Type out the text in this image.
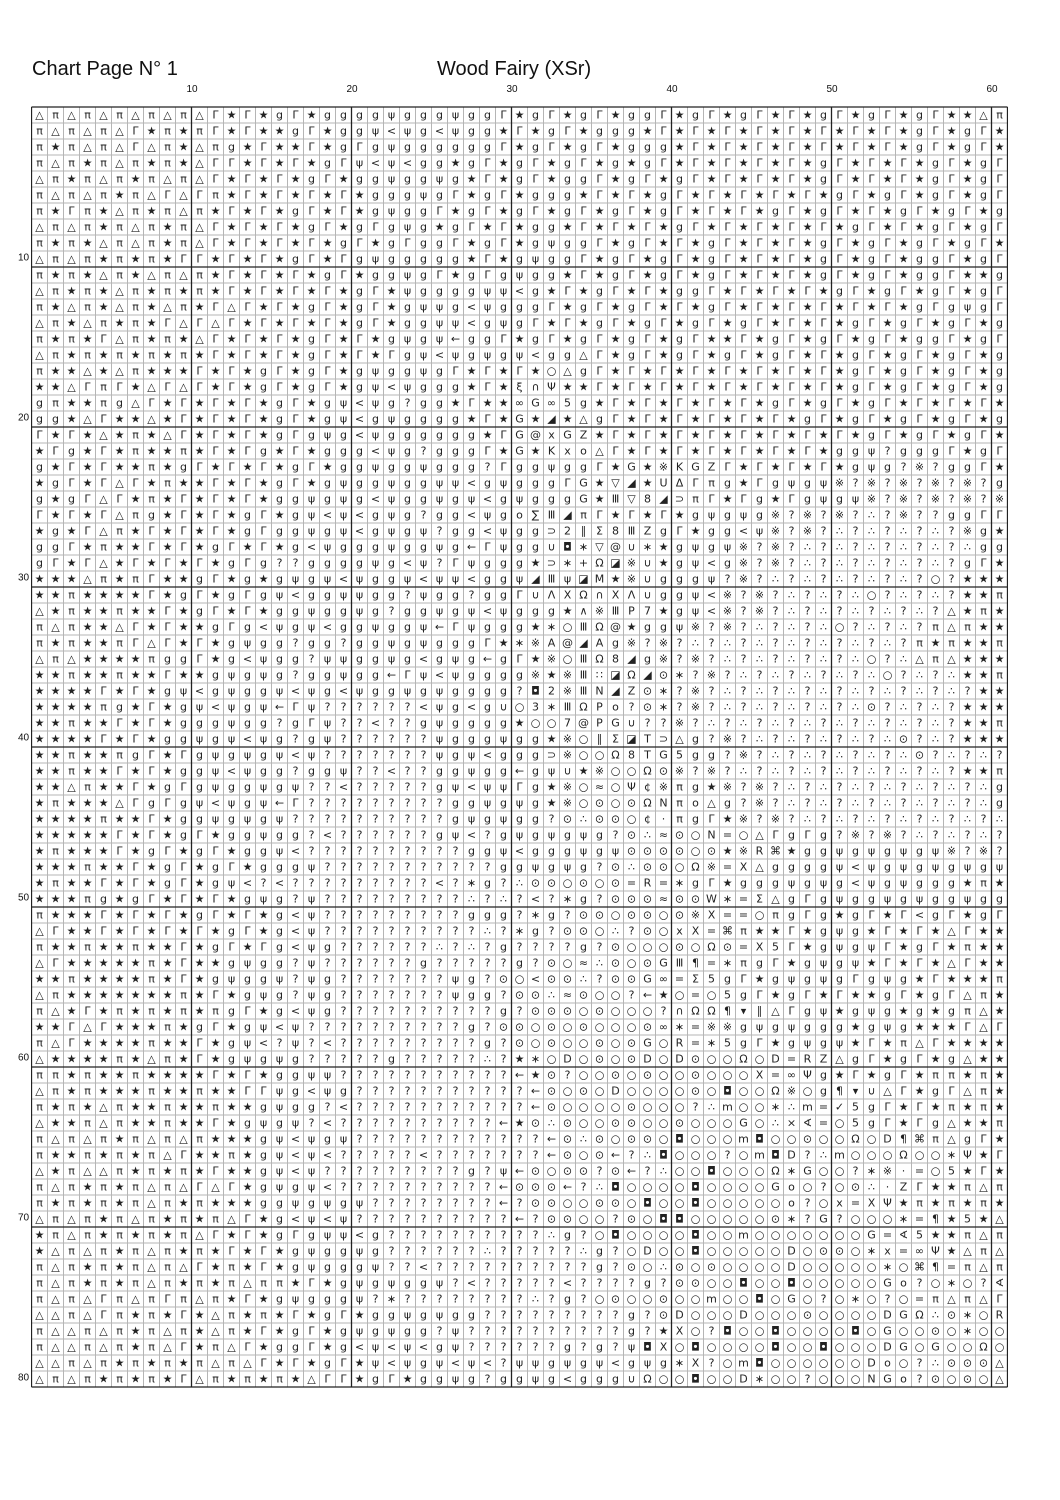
Chart Page N° 1	Wood Fairy (XSr)
10	20	30	40	50	60
10
20
30
40
50
60
70
80
△ π △ π △ π △ π △ π △ Γ ★ Γ ★ g Γ ★ g g g g ψ g g g ψ g g Γ ★ g Γ ★ g Γ ★ g g Γ ★ g Γ ★ g Γ ★ Γ ★ g Γ ★ g Γ ★ g Γ ★ ★ △ π
π △ π △ π △ Γ ★ π ★ π Γ ★ Γ ★ ★ g Γ ★ g g ψ < ψ g < ψ g g ★ Γ ★ g Γ ★ g g g ★ Γ ★ Γ ★ Γ ★ Γ ★ Γ ★ Γ ★ Γ ★ Γ ★ g Γ ★ g Γ ★
π ★ π △ π △ Γ △ π ★ △ π g ★ Γ ★ ★ Γ ★ g Γ g ψ g g g g g g Γ ★ g Γ ★ g Γ ★ g g g ★ Γ ★ Γ ★ Γ ★ Γ ★ Γ ★ Γ ★ Γ ★ g Γ ★ g Γ ★
π △ π ★ π △ π ★ π ★ △ Γ Γ ★ Γ ★ Γ ★ g Γ ψ < ψ < g g ★ g Γ ★ g Γ ★ g Γ ★ g ★ g Γ ★ Γ ★ Γ ★ Γ ★ Γ ★ g Γ ★ Γ ★ Γ ★ g Γ ★ g Γ
△ π ★ π △ π ★ π △ π △ Γ ★ Γ ★ Γ ★ g Γ ★ g g ψ g g ψ g ★ Γ ★ g Γ ★ g g Γ ★ g Γ ★ g Γ ★ Γ ★ Γ ★ Γ ★ g Γ ★ Γ ★ Γ ★ g Γ ★ g Γ
π △ π △ π ★ π △ Γ △ Γ π ★ Γ ★ Γ ★ Γ ★ Γ ★ g g g ψ g Γ ★ g Γ ★ g g g ★ Γ ★ Γ ★ g Γ ★ Γ ★ Γ ★ Γ ★ Γ ★ g Γ ★ g Γ ★ g Γ ★ g Γ
π ★ Γ π ★ △ π ★ π △ π ★ Γ ★ Γ ★ g Γ ★ Γ ★ g ψ g g Γ ★ g Γ ★ g Γ ★ g Γ ★ g Γ ★ g Γ ★ Γ ★ Γ ★ g Γ ★ g Γ ★ Γ ★ g Γ ★ g Γ ★ g
△ π △ π ★ π △ π ★ π △ Γ ★ Γ ★ Γ ★ g Γ ★ g Γ g ψ g ★ g Γ ★ Γ ★ g g ★ Γ ★ Γ ★ Γ ★ g Γ ★ Γ ★ Γ ★ Γ ★ Γ ★ g Γ ★ Γ ★ g Γ ★ g Γ
π ★ π ★ △ π △ π ★ π △ Γ ★ Γ ★ Γ ★ Γ ★ g Γ ★ g Γ g g Γ ★ g Γ ★ g ψ g g Γ ★ g Γ ★ Γ ★ g Γ ★ Γ ★ Γ ★ g Γ ★ g Γ ★ g Γ ★ g Γ ★
△ π △ π ★ π ★ π ★ Γ Γ ★ Γ ★ Γ ★ g Γ ★ Γ g ψ g g g g g ★ Γ ★ g ψ g g Γ ★ g Γ ★ g Γ ★ g Γ ★ Γ ★ Γ ★ g Γ ★ g Γ ★ g g Γ ★ g Γ
π ★ π ★ △ π ★ △ π △ π ★ Γ ★ Γ ★ Γ ★ g Γ ★ g g ψ g Γ ★ g Γ g ψ g g ★ Γ ★ g Γ ★ g Γ ★ g Γ ★ Γ ★ Γ ★ g Γ ★ g Γ ★ g g Γ ★ ★ g
△ π ★ π ★ △ π ★ π ★ π ★ Γ ★ Γ ★ Γ ★ Γ ★ g Γ ★ ψ g g g g ψ ψ < g ★ Γ ★ g Γ ★ Γ ★ g g Γ ★ Γ ★ Γ ★ Γ ★ g Γ ★ g Γ ★ g Γ ★ g Γ
π ★ △ π ★ △ π ★ △ π ★ Γ △ Γ ★ Γ ★ g Γ ★ g Γ ★ g ψ ψ g < ψ g g g Γ ★ g Γ ★ g Γ ★ Γ ★ g Γ ★ Γ ★ Γ ★ Γ ★ Γ ★ Γ ★ g Γ g ψ g Γ
△ π ★ △ π ★ π ★ Γ △ Γ △ Γ ★ Γ ★ Γ ★ Γ ★ g Γ ★ g g ψ ψ < g ψ g Γ ★ Γ ★ g Γ ★ g Γ ★ g Γ ★ g Γ ★ Γ ★ Γ ★ g Γ ★ g Γ ★ g Γ ★ g
π ★ π ★ Γ △ π ★ π ★ △ Γ ★ Γ ★ Γ ★ g Γ ★ Γ ★ g ψ g ψ ← g g Γ ★ g Γ ★ g Γ ★ g Γ ★ g Γ ★ ★ Γ ★ g Γ ★ g Γ ★ g Γ ★ g g Γ ★ g Γ
△ π ★ π ★ π ★ π ★ π ★ Γ ★ Γ ★ Γ ★ g Γ ★ Γ ★ Γ g ψ < ψ g ψ g ψ < g g △ Γ ★ g Γ ★ g Γ ★ g Γ ★ g Γ ★ Γ ★ g Γ ★ g Γ ★ g Γ ★ g
π ★ ★ △ ★ △ π ★ ★ ★ Γ ★ Γ ★ g Γ ★ g Γ ★ g ψ g g ψ g Γ ★ Γ ★ Γ ★ ○ △ g Γ ★ Γ ★ Γ ★ Γ ★ Γ ★ Γ ★ Γ ★ Γ ★ g Γ ★ g Γ ★ g Γ ★ g
★ ★ △ Γ π Γ ★ △ Γ △ Γ ★ Γ ★ g Γ ★ g Γ ★ g ψ < ψ g g g ★ Γ ★ ξ ∩ Ψ ★ ★ Γ ★ Γ ★ Γ ★ Γ ★ Γ ★ Γ ★ Γ ★ Γ ★ g Γ ★ g Γ ★ g Γ ★ g
g π ★ ★ π g △ Γ ★ Γ ★ Γ ★ Γ ★ g Γ ★ g ψ < ψ g ? g g ★ Γ ★ ★ ∞ G ∞ 5 g ★ Γ ★ Γ ★ Γ ★ Γ ★ Γ ★ g Γ ★ g Γ ★ g Γ ★ Γ ★ Γ ★ Γ ★
g g ★ △ Γ ★ ★ △ ★ Γ ★ Γ ★ Γ ★ g Γ ★ g ψ < g ψ g g g g ★ Γ ★ G ★ ◢ ★ △ g Γ ★ Γ ★ Γ ★ Γ ★ Γ ★ Γ ★ g Γ ★ g Γ ★ g Γ ★ g Γ ★ g
Γ ★ Γ ★ △ ★ π ★ △ Γ ★ Γ ★ Γ ★ g Γ g ψ g < ψ g g g g g g ★ Γ G @ x G Z ★ Γ ★ Γ ★ Γ ★ Γ ★ Γ ★ Γ ★ Γ ★ Γ ★ g Γ ★ g Γ ★ g Γ ★
★ Γ g ★ Γ ★ π ★ ★ π ★ Γ ★ Γ g ★ Γ ★ g g g < ψ g ? g g g Γ ★ G ★ K x o △ Γ ★ Γ ★ Γ ★ Γ ★ Γ ★ Γ ★ Γ ★ g g ψ ? g g g Γ ★ g Γ
g ★ Γ ★ Γ ★ ★ π ★ g Γ ★ Γ ★ Γ ★ g Γ ★ g g ψ g g ψ g g g ? Γ g g ψ g g Γ ★ G ★ ※ K G Z Γ ★ Γ ★ Γ ★ Γ ★ g ψ g ? ※ ? g g Γ ★
★ g Γ ★ Γ △ Γ ★ π ★ ★ Γ ★ Γ ★ g Γ ★ g ψ g g ψ g g ψ ψ < g ψ g g g Γ G ★ ▽ ◢ ★ U Δ Γ π g ★ Γ g ψ g ψ ※ ? ※ ? ※ ? ※ ? ※ ? g
g ★ g Γ △ Γ ★ π ★ Γ ★ Γ ★ Γ ★ g g ψ g ψ g < ψ g g ψ g ψ < g ψ g g g G ★ Ⅲ ▽ 8 ◢ ⊃ π Γ ★ Γ g ★ Γ g ψ g ψ ※ ? ※ ? ※ ? ※ ? ※
Γ ★ Γ ★ Γ △ π g ★ Γ ★ Γ ★ g Γ ★ g ψ < ψ < g ψ g ? g g < ψ g o ∑ Ⅲ ◢ π Γ ★ Γ ★ Γ ★ g ψ g ψ g ※ ? ※ ? ※ ? ∴ ? ※ ? ? g g Γ Γ
★ g ★ Γ △ π ★ Γ ★ Γ ★ Γ ★ g Γ g g ψ g ψ < g ψ g ψ ? g g < ψ g g ⊃ 2 ∥ Σ 8 Ⅲ Z g Γ ★ g g < ψ ※ ? ※ ? ∴ ? ∴ ? ∴ ? ∴ ? ※ g ★
g g Γ ★ π ★ ★ Γ ★ Γ ★ g Γ ★ Γ ★ g < ψ g g g ψ g g ψ g ← Γ ψ g g ∪ ◘ ∗ ▽ @ ∪ ∗ ★ g ψ g ψ ※ ? ※ ? ∴ ? ∴ ? ∴ ? ∴ ? ∴ ? ∴ g g
g Γ ★ Γ △ ★ Γ ★ Γ ★ Γ ★ g Γ g ? ? g g g g ψ g < ψ ? Γ ψ g g g ★ ⊃ ∗ + Ω ◪ ※ ∪ ★ g ψ < g ※ ? ※ ? ∴ ? ∴ ? ∴ ? ∴ ? ∴ ? g Γ ★
★ ★ ★ △ π ★ π Γ ★ ★ g Γ ★ g ★ g ψ g ψ < ψ g g ψ < ψ ψ < g g ψ ◢ Ⅲ ψ ◪ M ★ ※ ∪ g g g ψ ? ※ ? ∴ ? ∴ ? ∴ ? ∴ ? ∴ ? ○ ? ★ ★ ★
★ ★ π ★ ★ ★ ★ Γ ★ g Γ ★ g Γ g ψ < g g ψ ψ g g ? ψ g g ? g g Γ ∪ Λ X Ω ∩ Χ Λ ∪ g g ψ < ※ ? ※ ? ∴ ? ∴ ? ∴ ○ ? ∴ ? ∴ ? ★ ★ π
△ ★ π ★ ★ π ★ ★ Γ ★ g Γ ★ Γ ★ g g ψ g g ψ g ? g g ψ g ψ < ψ g g g ★ ∧ ※ Ⅲ P 7 ★ g ψ < ※ ? ※ ? ∴ ? ∴ ? ∴ ? ∴ ? ∴ ? △ ★ π ★
π △ π ★ ★ △ Γ ★ Γ ★ ★ g Γ g < ψ g ψ < g g ψ g g ψ ← Γ ψ g g g ★ ∗ ○ Ⅲ Ω @ ★ g g ψ ※ ? ※ ? ∴ ? ∴ ? ∴ ○ ? ∴ ? ∴ ? π △ π ★ ★
π ★ π ★ ★ π Γ △ Γ ★ Γ ★ g ψ g g ? g g ? g g ψ g ψ g g g Γ ★ ∗ ※ A @ ◢ A g ※ ? ※ ? ∴ ? ∴ ? ∴ ? ∴ ? ∴ ? ∴ ? ∴ ? π ★ π ★ ★ π
△ π △ ★ ★ ★ ★ π g g Γ ★ g < ψ g g ? ψ ψ g g ψ g < g ψ g ← g Γ ★ ※ ○ Ⅲ Ω 8 ◢ g ※ ? ※ ? ∴ ? ∴ ? ∴ ? ∴ ? ∴ ○ ? ∴ △ π △ ★ ★ ★
★ ★ π ★ ★ π ★ ★ Γ ★ ★ g ψ g ψ g ? g g ψ g g ← Γ ψ < ψ g g g g ※ ★ ※ Ⅲ ∷ ◪ Ω ◢ ⊙ ∗ ? ※ ? ∴ ? ∴ ? ∴ ? ∴ ? ∴ ○ ? ∴ ? ∴ ★ ★ π
★ ★ ★ ★ Γ ★ Γ ★ g ψ < g ψ g g ψ < ψ g < ψ g g ψ g ψ g g g g ? ◘ 2 ※ Ⅲ N ◢ Z ⊙ ∗ ? ※ ? ∴ ? ∴ ? ∴ ? ∴ ? ∴ ? ∴ ? ∴ ? ∴ ? ★ ★
★ ★ ★ ★ π g ★ Γ ★ g ψ < ψ g ψ ← Γ ψ ? ? ? ? ? ? < ψ g < g ∪ ○ 3 ∗ Ⅲ Ω P o ? ⊙ ∗ ? ※ ? ∴ ? ∴ ? ∴ ? ∴ ? ∴ ⊙ ? ∴ ? ∴ ? ★ ★ ★
★ ★ π ★ ★ Γ ★ Γ ★ g g g ψ g g ? g Γ ψ ? ? < ? ? g ψ g g g g ★ ○ ○ 7 @ P G ∪ ? ? ※ ? ∴ ? ∴ ? ∴ ? ∴ ? ∴ ? ∴ ? ∴ ? ∴ ? ★ ★ π
★ ★ ★ ★ Γ ★ Γ ★ g g ψ g ψ < ψ g ? g ψ ? ? ? ? ? ? ψ g g g ψ g g ★ ※ ○ ∥ Σ ◪ T ⊃ △ g ? ※ ? ∴ ? ∴ ? ∴ ? ∴ ? ∴ ⊙ ? ∴ ? ★ ★ ★
★ ★ π ★ ★ π g Γ ★ Γ g ψ g ψ g ψ < ψ ? ? ? ? ? ? ? ψ g ψ < g g g ⊃ ※ ○ ○ Ω 8 T G 5 g g ? ※ ? ∴ ? ∴ ? ∴ ? ∴ ? ∴ ⊙ ? ∴ ? ∴ ?
★ ★ π ★ ★ Γ ★ Γ ★ g g ψ < ψ g g ? g g ψ ? ? < ? ? g g ψ g g ← g ψ ∪ ★ ※ ○ ○ Ω ⊙ ※ ? ※ ? ∴ ? ∴ ? ∴ ? ∴ ? ∴ ? ∴ ? ∴ ? ★ ★ π
★ ★ △ π ★ ★ Γ ★ g Γ g ψ g g ψ g ψ ? ? < ? ? ? ? ? g ψ < ψ ψ Γ g ★ ※ ○ ≈ ○ Ψ ¢ ※ π g ★ ※ ? ※ ? ∴ ? ∴ ? ∴ ? ∴ ? ∴ ? ∴ ? ∴ g
★ π ★ ★ ★ △ Γ g Γ g ψ < ψ g ψ ← Γ ? ? ? ? ? ? ? ? ? g g ψ g ψ g ★ ※ ○ ⊙ ○ ⊙ Ω N π o △ g ? ※ ? ∴ ? ∴ ? ∴ ? ∴ ? ∴ ? ∴ ? ∴ g
★ ★ ★ ★ π ★ ★ Γ ★ g g ψ g ψ g ψ ? ? ? ? ? ? ? ? ? ? g ψ g ψ g g ? ⊙ ∴ ⊙ ⊙ ○ ¢ · π g Γ ★ ※ ? ※ ? ∴ ? ∴ ? ∴ ? ∴ ? ∴ ? ∴ ? ∴
★ ★ ★ ★ ★ Γ ★ Γ ★ g Γ ★ g g ψ g g ? < ? ? ? ? ? ? g ψ < ? g ψ g ψ g ψ g ? ⊙ ∴ ≈ ⊙ ○ N = ○ △ Γ g Γ g ? ※ ? ※ ? ∴ ? ∴ ? ∴ ?
★ π ★ ★ ★ Γ ★ g Γ ★ g Γ ★ g g ψ < ? ? ? ? ? ? ? ? ? ? g g ψ < g g g ψ g ψ ⊙ ⊙ ⊙ ⊙ ○ ⊙ ★ ※ R ⌘ ★ g g ψ g ψ g ψ g ψ ※ ? ※ ?
★ ★ ★ π ★ ★ Γ ★ g Γ ★ g Γ ★ g g g ψ ? ? ? ? ? ? ? ? ? ? ? g g ψ g ψ g ? ⊙ ∴ ⊙ ⊙ ○ Ω ※ = Χ △ g g g g ψ < ψ g ψ g ψ g ψ g ψ
★ π ★ ★ Γ ★ Γ ★ g Γ ★ g ψ < ? < ? ? ? ? ? ? ? ? ? < ? ∗ g ? ∴ ⊙ ⊙ ○ ⊙ ○ ⊙ = R = ∗ g Γ ★ g g g ψ g ψ g < ψ g ψ g g g ★ π ★
★ ★ ★ π g ★ g Γ ★ Γ ★ Γ ★ g ψ g ? ψ ? ? ? ? ? ? ? ? ? ∴ ? ∴ ? < ? ∗ g ? ⊙ ⊙ ⊙ ≈ ⊙ ⊙ W ∗ = Σ △ g Γ g ψ g g ψ g ψ g g ψ g g
π ★ ★ ★ Γ ★ Γ ★ Γ ★ g Γ ★ Γ ★ g < ψ ? ? ? ? ? ? ? ? ? g g g ? ∗ g ? ⊙ ⊙ ○ ⊙ ⊙ ○ ⊙ ※ X = = ○ π g Γ g ★ g Γ ★ Γ < g Γ ★ g Γ
△ Γ ★ ★ Γ ★ Γ ★ Γ ★ Γ ★ g Γ ★ g < ψ ? ? ? ? ? ? ? ? ? ? ∴ ? ∗ g ? ⊙ ⊙ ○ ∴ ? ⊙ ○ x X = ⌘ π ★ ★ Γ ★ g ψ g ★ Γ ★ Γ ★ △ Γ ★ ★
π ★ ★ π ★ ★ π ★ ★ Γ ★ g Γ ★ Γ g < ψ g ? ? ? ? ? ? ∴ ? ∴ ? g ? ? ? ? g ? ⊙ ○ ○ ○ ⊙ ○ Ω ⊙ = X 5 Γ ★ g ψ g ψ Γ ★ g Γ ★ π ★ ★
△ Γ ★ ★ ★ ★ ★ π ★ Γ ★ ★ g ψ g g ? ψ ? ? ? ? ? ? g ? ? ? ? ? g ? ⊙ ○ ≈ ∴ ⊙ ○ ⊙ G Ⅲ ¶ = ∗ π g Γ ★ g ψ g ψ ★ Γ ★ Γ ★ △ Γ ★ ★
★ ★ π ★ ★ ★ ★ π ★ Γ ★ g ψ g g ψ ? ψ g ? ? ? ? ? ? ? ψ g ? ⊙ ○ < ⊙ ⊙ ∴ ? ⊙ ⊙ G ∞ = Σ 5 g Γ ★ g ψ g ψ g Γ g ψ g ★ Γ ★ ★ ★ π
△ π ★ ★ ★ ★ ★ ★ ★ π ★ Γ ★ g ψ g ? ψ g ? ? ? ? ? ? ? ψ g g ? ⊙ ⊙ ∴ ≈ ⊙ ○ ○ ? ← ★ ○ = ○ 5 g Γ ★ g Γ ★ Γ ★ ★ g Γ ★ g Γ △ π ★
π △ ★ Γ ★ π ★ π ★ π ★ π g Γ ★ g < ψ g ? ? ? ? ? ? ? ? ? ? g ? ⊙ ⊙ ⊙ ○ ⊙ ○ ○ ○ ? ∩ Ω Ω ¶ ▾ ∥ △ Γ g ψ ★ g ψ g ★ g ★ g π △ ★
★ ★ Γ △ Γ ★ ★ ★ π ★ g Γ ★ g ψ < ψ ? ? ? ? ? ? ? ? ? ? g ? ⊙ ⊙ ○ ⊙ ○ ⊙ ○ ○ ○ ⊙ ∞ ∗ = ※ ※ g ψ g ψ g g g ★ g ψ g ★ ★ ★ Γ △ Γ
π △ Γ ★ ★ ★ ★ π ★ ★ Γ ★ g ψ < ? ψ ? < ? ? ? ? ? ? ? ? ? g ? ⊙ ○ ⊙ ○ ○ ⊙ ○ ⊙ G ○ R = ∗ 5 g Γ ★ g ψ g ψ ★ Γ ★ π △ Γ ★ ★ ★ ★
△ ★ ★ ★ ★ π ★ △ π ★ Γ ★ g ψ g ψ g ? ? ? ? ? g ? ? ? ? ? ∴ ? ★ ∗ ○ D ○ ⊙ ○ ⊙ D ○ D ⊙ ○ ○ Ω ○ D = R Z △ g Γ ★ g Γ ★ g △ ★ ★
π π ★ π ★ ★ π ★ ★ ★ ★ Γ ★ Γ ★ g g ψ ψ ? ? ? ? ? ? ? ? ? ? ? ← ★ ⊙ ? ○ ○ ⊙ ○ ⊙ ○ ○ ⊙ ○ ○ ○ X = ∞ Ψ g ★ Γ ★ g Γ ★ π π ★ π ★
△ π ★ π ★ ★ ★ π ★ ★ π ★ ★ Γ Γ ψ g < ψ g ? ? ? ? ? ? ? ? ? ? ? ← ⊙ ○ ⊙ ○ D ○ ○ ○ ○ ⊙ ○ ◘ ○ ○ Ω ※ ○ g ¶ ▾ ∪ △ Γ ★ g Γ △ π ★
π ★ π ★ △ π ★ ★ π ★ ★ π ★ ★ g ψ g g ? < ? ? ? ? ? ? ? ? ? ? ? ← ⊙ ○ ○ ○ ○ ⊙ ○ ○ ○ ? ∴ m ○ ○ ∗ ∴ m = ✓ 5 g Γ ★ Γ ★ π ★ π ★
△ ★ ★ π △ π ★ ★ π ★ ★ Γ ★ g ψ g ψ ? < ? ? ? ? ? ? ? ? ? ? ← ★ ⊙ ∴ ⊙ ○ ○ ⊙ ⊙ ○ ○ ⊙ ○ ○ ○ G ○ ∴ × ∢ = ○ 5 g Γ ★ Γ g △ ★ ★ π
π △ π △ π ★ π △ π △ π ★ ★ ★ g ψ < ψ g ψ ? ? ? ? ? ? ? ? ? ? ? ? ← ⊙ ∴ ⊙ ○ ⊙ ⊙ ○ ◘ ○ ○ ○ m ◘ ○ ○ ⊙ ○ ○ Ω ○ D ¶ ⌘ π △ g Γ ★
π ★ ★ π ★ π ★ π △ Γ ★ ★ π ★ g ψ < ψ < ? ? ? ? ? < ? ? ? ? ? ? ? ← ⊙ ○ ⊙ ← ? ∴ ◘ ○ ○ ○ ? ○ m ◘ D ? ∴ m ○ ○ ○ Ω ○ ○ ∗ Ψ ★ Γ
△ ★ π △ △ π ★ π ★ π ★ Γ ★ ★ g ψ < ψ ? ? ? ? ? ? ? ? ? g ? ψ ← ⊙ ○ ⊙ ⊙ ? ⊙ ← ? ∴ ○ ○ ◘ ○ ○ ○ Ω ∗ G ○ ○ ? ∗ ※ · = ○ 5 ★ Γ ★
π △ π ★ π ★ π △ π △ Γ △ Γ ★ g ψ g ψ < ? ? ? ? ? ? ? ? ? ? ← ⊙ ⊙ ⊙ ← ? ∴ ◘ ○ ○ ○ ○ ◘ ○ ○ ○ ○ G o ○ ? ○ ⊙ ∴ · Z Γ ★ ★ π △ π
π ★ π ★ π ★ π △ π ★ π ★ ★ ★ g g ψ g ψ g ψ ? ? ? ? ? ? ? ? ← ? ⊙ ⊙ ○ ○ ⊙ ⊙ ○ ◘ ○ ○ ◘ ○ ○ ○ ○ ○ o ? ○ x = Χ Ψ ★ π ★ π ★ π ★
△ π △ π ★ π △ π ★ π ★ π △ Γ ★ g < ψ < ψ ? ? ? ? ? ? ? ? ? ? ← ? ⊙ ⊙ ○ ○ ? ⊙ ○ ◘ ◘ ○ ○ ○ ○ ○ ⊙ ∗ ? G ? ○ ○ ○ ∗ = ¶ ★ 5 ★ △
★ π △ π ★ π ★ π ★ π △ Γ ★ Γ ★ g Γ g ψ ψ < g ? ? ? ? ? ? ? ? ? ? ∴ g ? ○ ◘ ○ ○ ○ ○ ◘ ○ ○ m ○ ○ ○ ○ ○ ○ ○ G = ∢ 5 ★ ★ π △ π
★ △ π △ π ★ π △ π ★ π ★ Γ ★ Γ ★ g ψ g g ψ g ? ? ? ? ? ? ∴ ? ? ? ? ? ∴ g ? ○ D ○ ○ ◘ ○ ○ ○ ○ ○ D ○ ⊙ ⊙ ○ ∗ x = ∞ Ψ ★ △ π △
π △ π ★ π ★ π △ π △ Γ ★ π ★ Γ ★ g ψ g g g ψ ? ? < ? ? ? ? ? ? ? ? ? ? g ? ⊙ ○ ∴ ⊙ ○ ⊙ ○ ○ ○ ○ D ○ ○ ○ ○ ○ ∗ ○ ⌘ ¶ = π △ π
π △ π ★ π ★ π △ π ★ π ★ π △ π π ★ Γ ★ g ψ g ψ g g ψ ? < ? ? ? ? ? < ? ? ? ? g ? ⊙ ⊙ ○ ○ ◘ ○ ○ ◘ ○ ○ ○ ○ ○ G o ? ○ ∗ ○ ? ∢
π △ π △ Γ π △ π Γ π △ π ★ Γ ★ g ψ g g g ψ ? ∗ ? ? ? ? ? ? ? ? ∴ ? g ? ○ ⊙ ○ ○ ⊙ ○ ○ m ○ ○ ◘ ○ G ○ ? ○ ∗ ○ ? ○ = π △ π △ Γ
△ △ π △ Γ π ★ π ★ Γ ★ △ π ★ π ★ Γ ★ g Γ ★ g g ψ g ψ g g ? ? ? ? ? ? ? ? ? g ? ⊙ D ○ ○ ○ D ○ ○ ○ ⊙ ○ ○ ○ ○ D G Ω ∴ ⊙ ∗ ○ R
π △ △ π △ π ★ π △ π ★ △ π ★ Γ ★ g Γ ★ g ψ g ψ g g ? ψ ? ? ? ? ? ? ? ? ? ? g ? ★ Χ ○ ? ◘ ○ ○ ◘ ○ ○ ○ ○ ◘ ○ G ○ ○ ⊙ ○ ∗ ○ ○
π △ △ π △ π ★ π △ Γ ★ π △ Γ ★ g g Γ ★ g < ψ < ψ < g ψ ? ? ? ? ? ? g ? g ? ψ ◘ Χ ○ ◘ ○ ○ ○ ○ ◘ ○ ○ ◘ ○ ○ ○ D G ○ G ○ ○ Ω ○
△ △ π △ π ★ π ★ π ★ π △ π △ Γ ★ Γ ★ g Γ ★ ψ < ψ g ψ < ψ < ? ψ ψ g ψ g ψ < g ψ g ∗ Χ ? ○ m ◘ ○ ○ ○ ○ ○ ○ D o ○ ? ∴ ⊙ ⊙ ⊙ △
△ π △ π ★ π ★ π ★ Γ △ π ★ π ★ π ★ △ Γ Γ ★ g Γ ★ g g ψ g ? g g ψ g < g g g ∪ Ω ○ ○ ◘ ○ ○ D ∗ ○ ○ ? ○ ○ ○ N G o ? ⊙ ○ ⊙ ○ △
